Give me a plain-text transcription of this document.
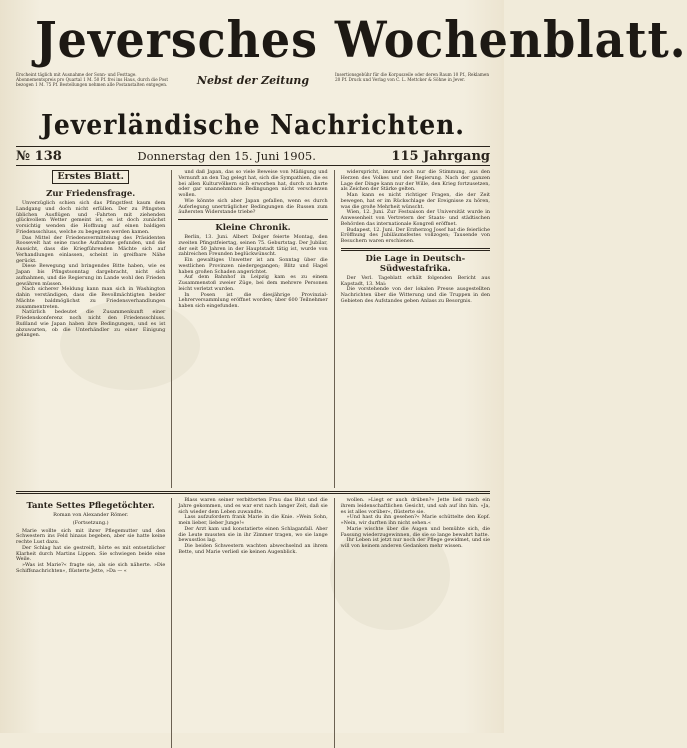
Jeversches Wochenblatt.
Erscheint täglich mit Ausnahme der Sonn- und Festtage. Abonnementspreis pro Quartal 1 M. 50 Pf. frei ins Haus, durch die Post bezogen 1 M. 75 Pf. Bestellungen nehmen alle Postanstalten entgegen.	Nebst der Zeitung	Insertionsgebühr für die Korpuszeile oder deren Raum 10 Pf., Reklamen 20 Pf. Druck und Verlag von C. L. Mettcker & Söhne in Jever.
Jeverländische Nachrichten.
№ 138	Donnerstag den 15. Juni 1905.	115 Jahrgang
Erstes Blatt.
Zur Friedensfrage.

Unverzüglich schien sich das Pfingstfest kaum dem Landgang und doch nicht erfüllen. Der zu Pfingsten üblichen Ausflügen und -Fahrten mit ziehenden glückvollem Wetter gemeint ist, es ist doch zunächst vorsichtig wenden die Hoffnung auf einen baldigen Friedensschluss, welche zu begegnen werden kamen.

Das Mittel der Friedensvermittelung des Präsidenten Roosevelt hat seine rasche Aufnahme gefunden, und die Aussicht, dass die Kriegführenden Mächte sich auf Verhandlungen einlassen, scheint in greifbare Nähe gerückt.

Diese Bewegung und bringendes Bitte haben, wie es Japan bis Pfingstsonntag dargebracht, nicht sich aufnahmen, und die Regierung im Lande wohl den Frieden gewähren müssen.

Nach sicherer Meldung kann man sich in Washington dahin verständigen, dass die Bevollmächtigten beider Mächte baldmöglichst zu Friedensverhandlungen zusammentreten.

Natürlich bedeutet die Zusammenkunft einer Friedenskonferenz noch nicht den Friedensschluss. Rußland wie Japan haben ihre Bedingungen, und es ist abzuwarten, ob die Unterhändler zu einer Einigung gelangen.

und daß Japan, das so viele Beweise von Mäßigung und Vernunft an den Tag gelegt hat, sich die Sympathien, die es bei allen Kulturvölkern sich erworben hat, durch zu harte oder gar unannehmbare Bedingungen nicht verscherzen wollen.

Wie könnte sich aber Japan gefallen, wenn es durch Auferlegung unerträglicher Bedingungen die Russen zum äußersten Widerstande triebe?

Kleine Chronik.

Berlin, 13. Juni. Albert Dolger feierte Montag, den zweiten Pfingstfeiertag, seinen 75. Geburtstag. Der Jubilar, der seit 50 Jahren in der Hauptstadt tätig ist, wurde von zahlreichen Freunden beglückwünscht.

Ein gewaltiges Unwetter ist am Sonntag über die westlichen Provinzen niedergegangen; Blitz und Hagel haben großen Schaden angerichtet.

Auf dem Bahnhof in Leipzig kam es zu einem Zusammenstoß zweier Züge, bei dem mehrere Personen leicht verletzt wurden.

In Posen ist die diesjährige Provinzial-Lehrerversammlung eröffnet worden; über 600 Teilnehmer haben sich eingefunden.

widerspricht, immer noch nur die Stimmung, aus den Herzen des Volkes und der Regierung. Nach der ganzen Lage der Dinge kann nur der Wille, den Krieg fortzusetzen, als Zeichen der Stärke gelten.

Man kann es nicht richtiger Fragen, die der Zeit bewegen, hat er im Rückschlage der Ereignisse zu hören, was die große Mehrheit wünscht.

Wien, 12. Juni. Zur Festsaison der Universität wurde in Anwesenheit von Vertretern der Staats- und städtischen Behörden das internationale Kongreß eröffnet.

Budapest, 12. Juni. Der Erzherzog Josef hat die feierliche Eröffnung des Jubiläumsfestes vollzogen; Tausende von Besuchern waren erschienen.

Die Lage in Deutsch-Südwestafrika.

Der Verl. Tageblatt erhält folgenden Bericht aus Kapstadt, 13. Mai:

Die vorstehende von der lokalen Presse ausgestellten Nachrichten über die Witterung und die Truppen in den Gebieten des Aufstandes geben Anlass zu Besorgnis.

Tante Settes Pflegetöchter.
Roman von Alexander Römer.
(Fortsetzung.)

Marie wollte sich mit ihrer Pflegemutter und den Schwestern ins Feld hinaus begeben, aber sie hatte keine rechte Lust dazu.

Der Schlag hat sie gestreift, hörte es mit entsetzlicher Klarheit durch Martins Lippen. Sie schwiegen beide eine Weile.

»Was ist Marie?« fragte sie, als sie sich näherte. »Die Schiffsnachrichten«, flüsterte Jette, »Da — «

Blass waren seiner verbitterten Frau das Blut und die Jahre gekommen, und es war erst nach langer Zeit, daß sie sich wieder dem Leben zuwandte.

Lass aufzufordern frank Marie in die Knie. »Wein Sohn, mein lieber, lieber Junge!«

Der Arzt kam und konstatierte einen Schlaganfall. Aber die Leute mussten sie in ihr Zimmer tragen, wo sie lange bewusstlos lag.

Die beiden Schwestern wachten abwechselnd an ihrem Bette, und Marie verließ sie keinen Augenblick.

wollen. »Liegt er auch drüben?« Jette ließ rasch ein ihrem leidenschaftlichen Gesicht, und sah auf ihn hin. »Ja, es ist alles vorüber«, flüsterte sie.

»Und hast du ihn gesehen?« Marie schüttelte den Kopf. »Nein, wir durften ihn nicht sehen.«

Marie wischte über die Augen und bemühte sich, die Fassung wiederzugewinnen, die sie so lange bewahrt hatte.

Ihr Leben ist jetzt nur noch der Pflege gewidmet, und sie will von keinem anderen Gedanken mehr wissen.
